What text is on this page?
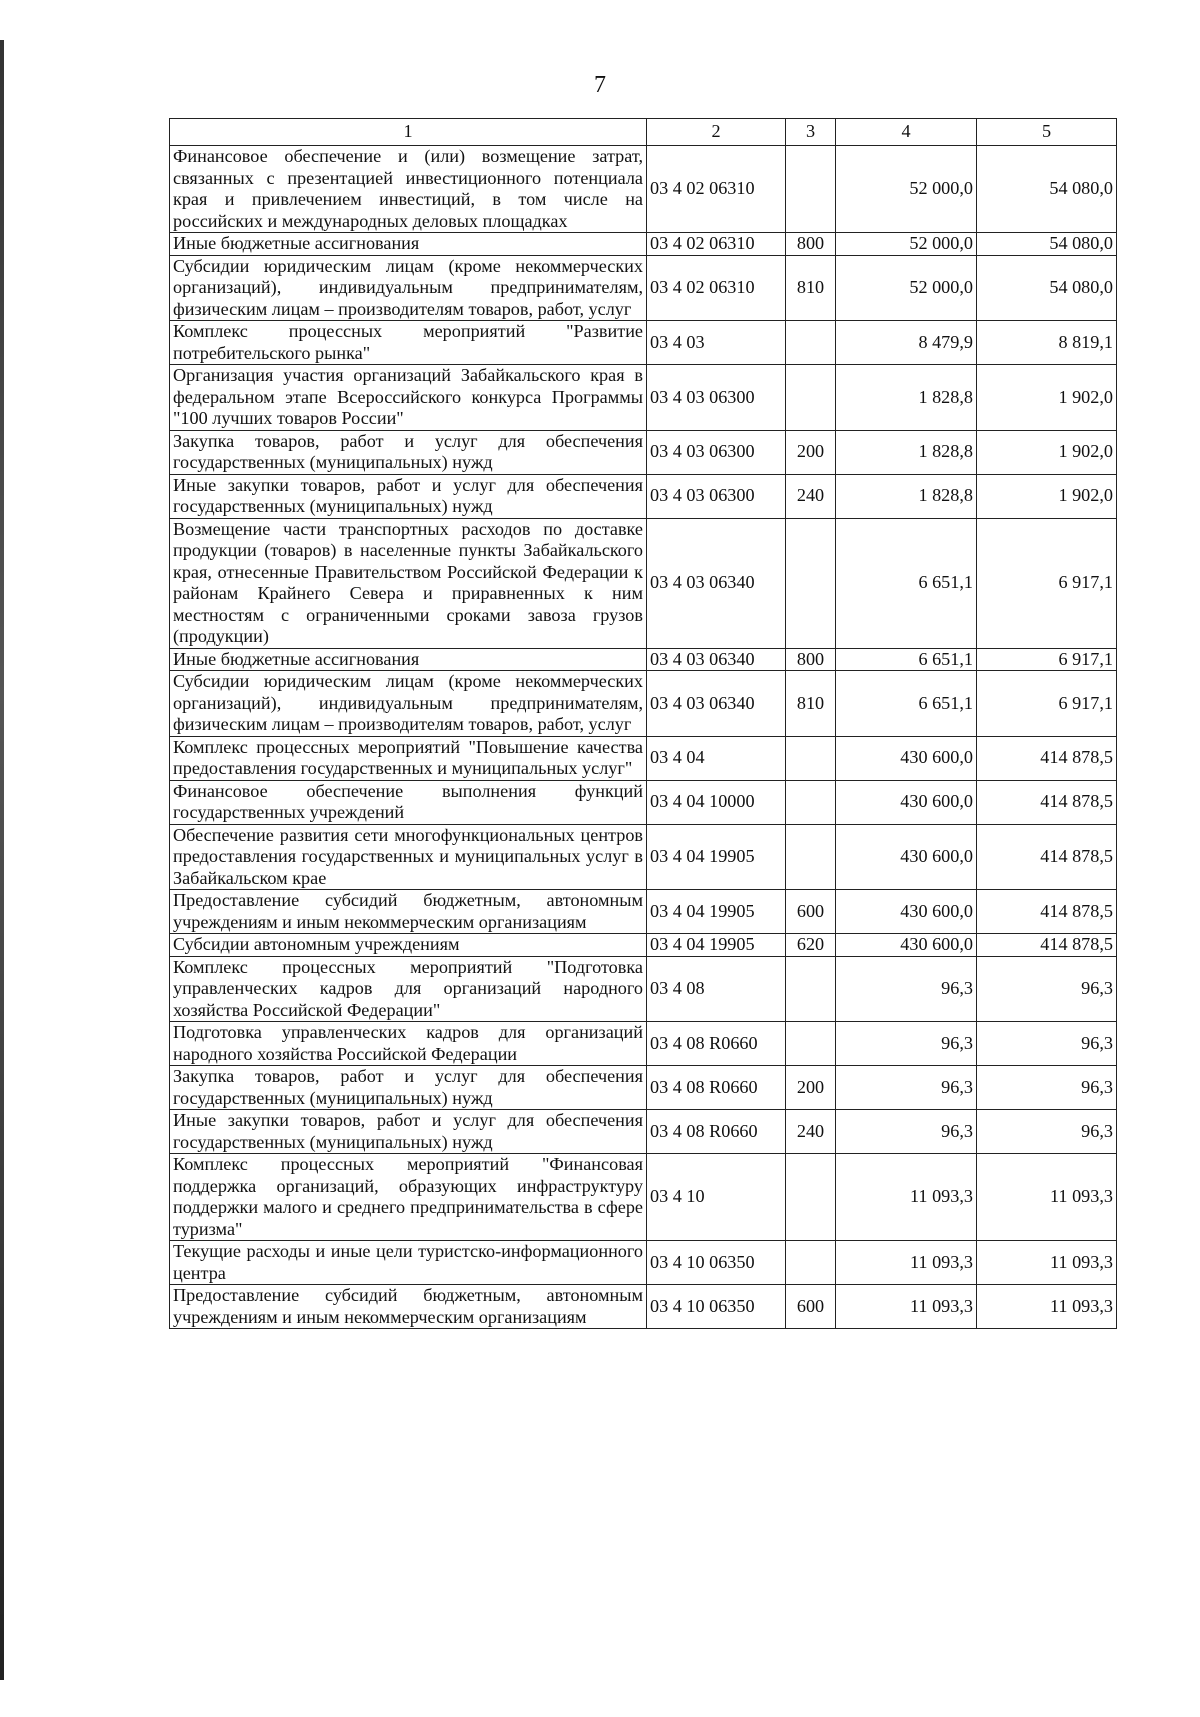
7
1	2	3	4	5
Финансовое обеспечение и (или) возмещение затрат, связанных с презентацией инвестиционного потенциала края и привлечением инвестиций, в том числе на российских и международных деловых площадках	03 4 02 06310		52 000,0	54 080,0
Иные бюджетные ассигнования	03 4 02 06310	800	52 000,0	54 080,0
Субсидии юридическим лицам (кроме некоммерческих организаций), индивидуальным предпринимателям, физическим лицам – производителям товаров, работ, услуг	03 4 02 06310	810	52 000,0	54 080,0
Комплекс процессных мероприятий "Развитие потребительского рынка"	03 4 03		8 479,9	8 819,1
Организация участия организаций Забайкальского края в федеральном этапе Всероссийского конкурса Программы "100 лучших товаров России"	03 4 03 06300		1 828,8	1 902,0
Закупка товаров, работ и услуг для обеспечения государственных (муниципальных) нужд	03 4 03 06300	200	1 828,8	1 902,0
Иные закупки товаров, работ и услуг для обеспечения государственных (муниципальных) нужд	03 4 03 06300	240	1 828,8	1 902,0
Возмещение части транспортных расходов по доставке продукции (товаров) в населенные пункты Забайкальского края, отнесенные Правительством Российской Федерации к районам Крайнего Севера и приравненных к ним местностям с ограниченными сроками завоза грузов (продукции)	03 4 03 06340		6 651,1	6 917,1
Иные бюджетные ассигнования	03 4 03 06340	800	6 651,1	6 917,1
Субсидии юридическим лицам (кроме некоммерческих организаций), индивидуальным предпринимателям, физическим лицам – производителям товаров, работ, услуг	03 4 03 06340	810	6 651,1	6 917,1
Комплекс процессных мероприятий "Повышение качества предоставления государственных и муниципальных услуг"	03 4 04		430 600,0	414 878,5
Финансовое обеспечение выполнения функций государственных учреждений	03 4 04 10000		430 600,0	414 878,5
Обеспечение развития сети многофункциональных центров предоставления государственных и муниципальных услуг в Забайкальском крае	03 4 04 19905		430 600,0	414 878,5
Предоставление субсидий бюджетным, автономным учреждениям и иным некоммерческим организациям	03 4 04 19905	600	430 600,0	414 878,5
Субсидии автономным учреждениям	03 4 04 19905	620	430 600,0	414 878,5
Комплекс процессных мероприятий "Подготовка управленческих кадров для организаций народного хозяйства Российской Федерации"	03 4 08		96,3	96,3
Подготовка управленческих кадров для организаций народного хозяйства Российской Федерации	03 4 08 R0660		96,3	96,3
Закупка товаров, работ и услуг для обеспечения государственных (муниципальных) нужд	03 4 08 R0660	200	96,3	96,3
Иные закупки товаров, работ и услуг для обеспечения государственных (муниципальных) нужд	03 4 08 R0660	240	96,3	96,3
Комплекс процессных мероприятий "Финансовая поддержка организаций, образующих инфраструктуру поддержки малого и среднего предпринимательства в сфере туризма"	03 4 10		11 093,3	11 093,3
Текущие расходы и иные цели туристско-информационного центра	03 4 10 06350		11 093,3	11 093,3
Предоставление субсидий бюджетным, автономным учреждениям и иным некоммерческим организациям	03 4 10 06350	600	11 093,3	11 093,3
